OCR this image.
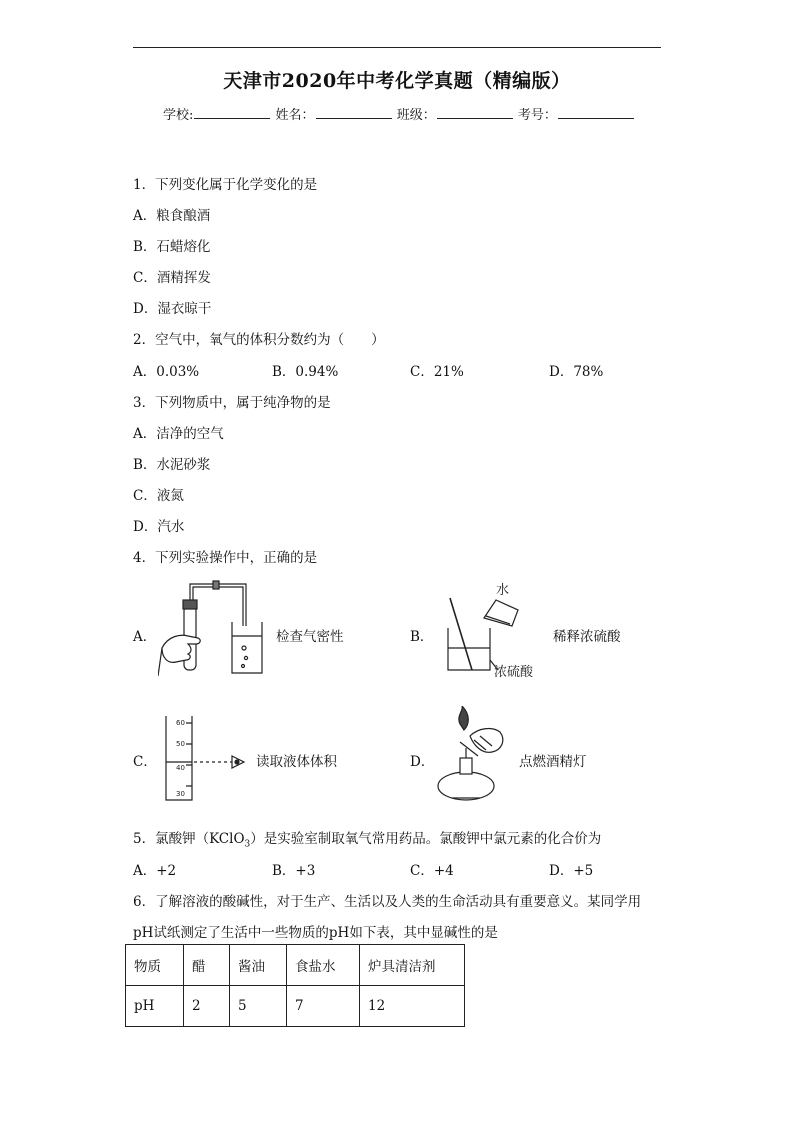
天津市2020年中考化学真题（精编版）
学校:	姓名：	班级：	考号：
1．下列变化属于化学变化的是
A．粮食酿酒
B．石蜡熔化
C．酒精挥发
D．湿衣晾干
2．空气中，氧气的体积分数约为（　　）
A．0.03%	B．0.94%	C．21%	D．78%
3．下列物质中，属于纯净物的是
A．洁净的空气
B．水泥砂浆
C．液氮
D．汽水
4．下列实验操作中，正确的是
A．	检查气密性	B．
水
浓硫酸
稀释浓硫酸
C．
60
50
40
30
读取液体体积	D．	点燃酒精灯
5．氯酸钾（KClO$_3$）是实验室制取氧气常用药品。氯酸钾中氯元素的化合价为
A．+2	B．+3	C．+4	D．+5
6．了解溶液的酸碱性，对于生产、生活以及人类的生命活动具有重要意义。某同学用
pH试纸测定了生活中一些物质的pH如下表，其中显碱性的是
物质	醋	酱油	食盐水	炉具清洁剂
pH	2	5	7	12
